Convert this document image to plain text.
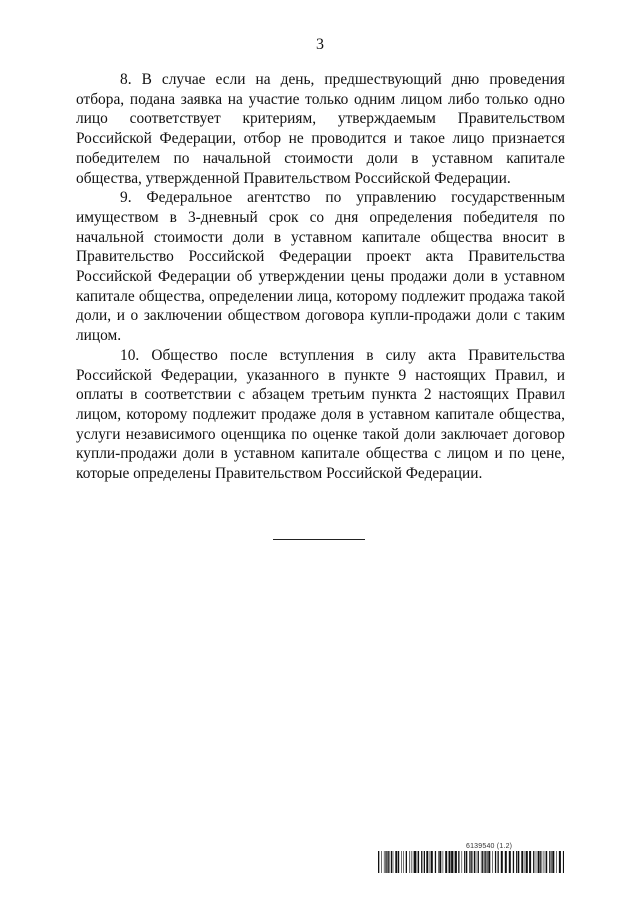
3

8. В случае если на день, предшествующий дню проведения отбора, подана заявка на участие только одним лицом либо только одно лицо соответствует критериям, утверждаемым Правительством Российской Федерации, отбор не проводится и такое лицо признается победителем по начальной стоимости доли в уставном капитале общества, утвержденной Правительством Российской Федерации.

9. Федеральное агентство по управлению государственным имуществом в 3-дневный срок со дня определения победителя по начальной стоимости доли в уставном капитале общества вносит в Правительство Российской Федерации проект акта Правительства Российской Федерации об утверждении цены продажи доли в уставном капитале общества, определении лица, которому подлежит продажа такой доли, и о заключении обществом договора купли-продажи доли с таким лицом.

10. Общество после вступления в силу акта Правительства Российской Федерации, указанного в пункте 9 настоящих Правил, и оплаты в соответствии с абзацем третьим пункта 2 настоящих Правил лицом, которому подлежит продаже доля в уставном капитале общества, услуги независимого оценщика по оценке такой доли заключает договор купли-продажи доли в уставном капитале общества с лицом и по цене, которые определены Правительством Российской Федерации.

6139540 (1.2)
